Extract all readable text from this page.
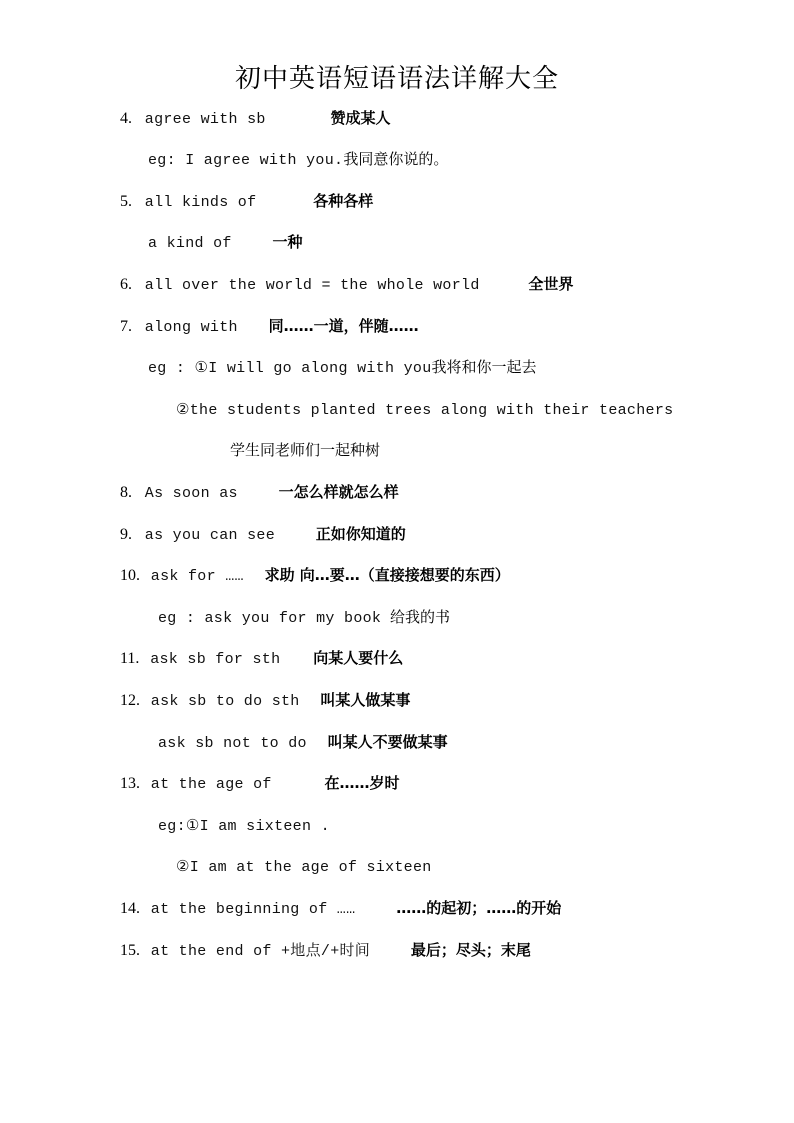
初中英语短语语法详解大全
4. agree with sb	赞成某人
eg: I agree with you.我同意你说的。
5. all kinds of	各种各样
a kind of	一种
6. all over the world = the whole world	全世界
7. along with 同……一道，伴随……
eg : ①I will go along with you我将和你一起去
②the students planted trees along with their teachers
学生同老师们一起种树
8. As soon as	一怎么样就怎么样
9. as you can see	正如你知道的
10. ask for …… 求助 向…要…（直接接想要的东西）
eg : ask you for my book 给我的书
11. ask sb for sth 向某人要什么
12. ask sb to do sth 叫某人做某事
ask sb not to do 叫某人不要做某事
13. at the age of	在……岁时
eg:①I am sixteen .
②I am at the age of sixteen
14. at the beginning of ……	……的起初；……的开始
15. at the end of +地点/+时间	最后；尽头；末尾
